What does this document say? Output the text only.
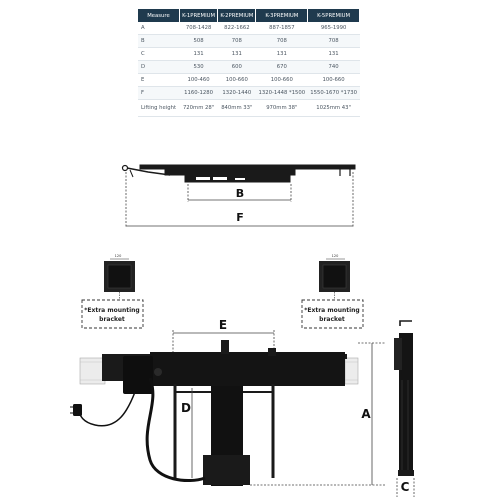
Measure	K-1PREMIUM	K-2PREMIUM	K-3PREMIUM	K-5PREMIUM
A	708-1428	822-1662	887-1857	965-1990
B	508	708	708	708
C	131	131	131	131
D	530	600	670	740
E	100-460	100-660	100-660	100-660
F	1160-1280	1320-1440	1320-1448 *1500	1550-1670 *1730
Lifting height	720mm 28"	840mm 33"	970mm 38"	1025mm 43"
B
F
120
*Extra mounting
bracket
120
*Extra mounting
bracket
E
D	A
C
